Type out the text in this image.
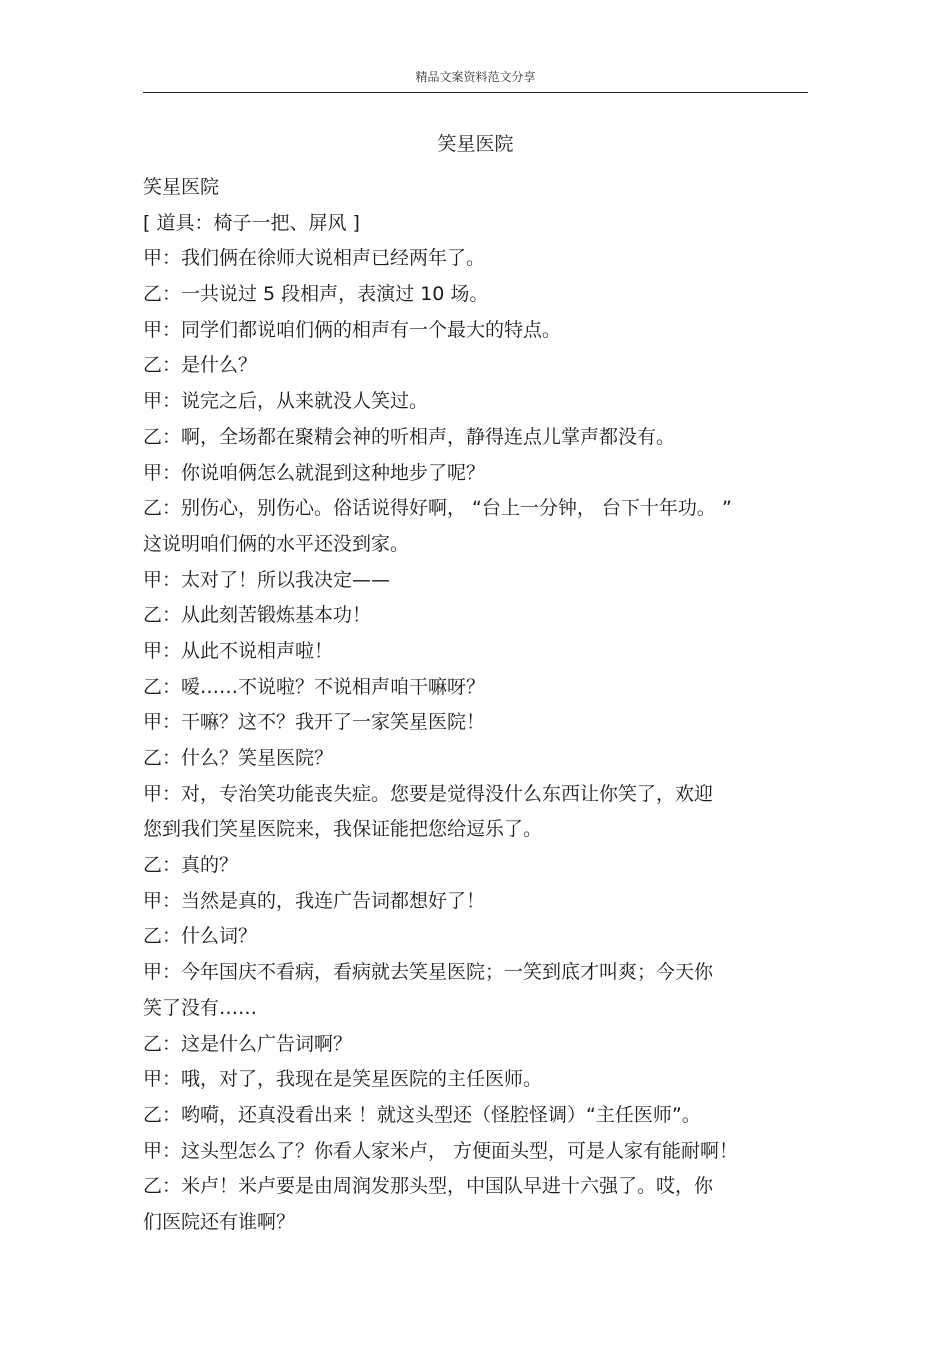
精品文案资料范文分享
笑星医院
笑星医院
[ 道具：椅子一把、屏风 ]
甲：我们俩在徐师大说相声已经两年了。
乙：一共说过 5 段相声，表演过 10 场。
甲：同学们都说咱们俩的相声有一个最大的特点。
乙：是什么？
甲：说完之后，从来就没人笑过。
乙：啊，全场都在聚精会神的听相声，静得连点儿掌声都没有。
甲：你说咱俩怎么就混到这种地步了呢？
乙：别伤心，别伤心。俗话说得好啊， “台上一分钟， 台下十年功。 ”
这说明咱们俩的水平还没到家。
甲：太对了！所以我决定——
乙：从此刻苦锻炼基本功！
甲：从此不说相声啦！
乙：嗳……不说啦？不说相声咱干嘛呀？
甲：干嘛？这不？我开了一家笑星医院！
乙：什么？笑星医院？
甲：对，专治笑功能丧失症。您要是觉得没什么东西让你笑了，欢迎
您到我们笑星医院来，我保证能把您给逗乐了。
乙：真的？
甲：当然是真的，我连广告词都想好了！
乙：什么词？
甲：今年国庆不看病，看病就去笑星医院；一笑到底才叫爽；今天你
笑了没有……
乙：这是什么广告词啊？
甲：哦，对了，我现在是笑星医院的主任医师。
乙：哟嗬，还真没看出来 ！就这头型还（怪腔怪调）“主任医师”。
甲：这头型怎么了？你看人家米卢， 方便面头型，可是人家有能耐啊！
乙：米卢！米卢要是由周润发那头型，中国队早进十六强了。哎，你
们医院还有谁啊？
